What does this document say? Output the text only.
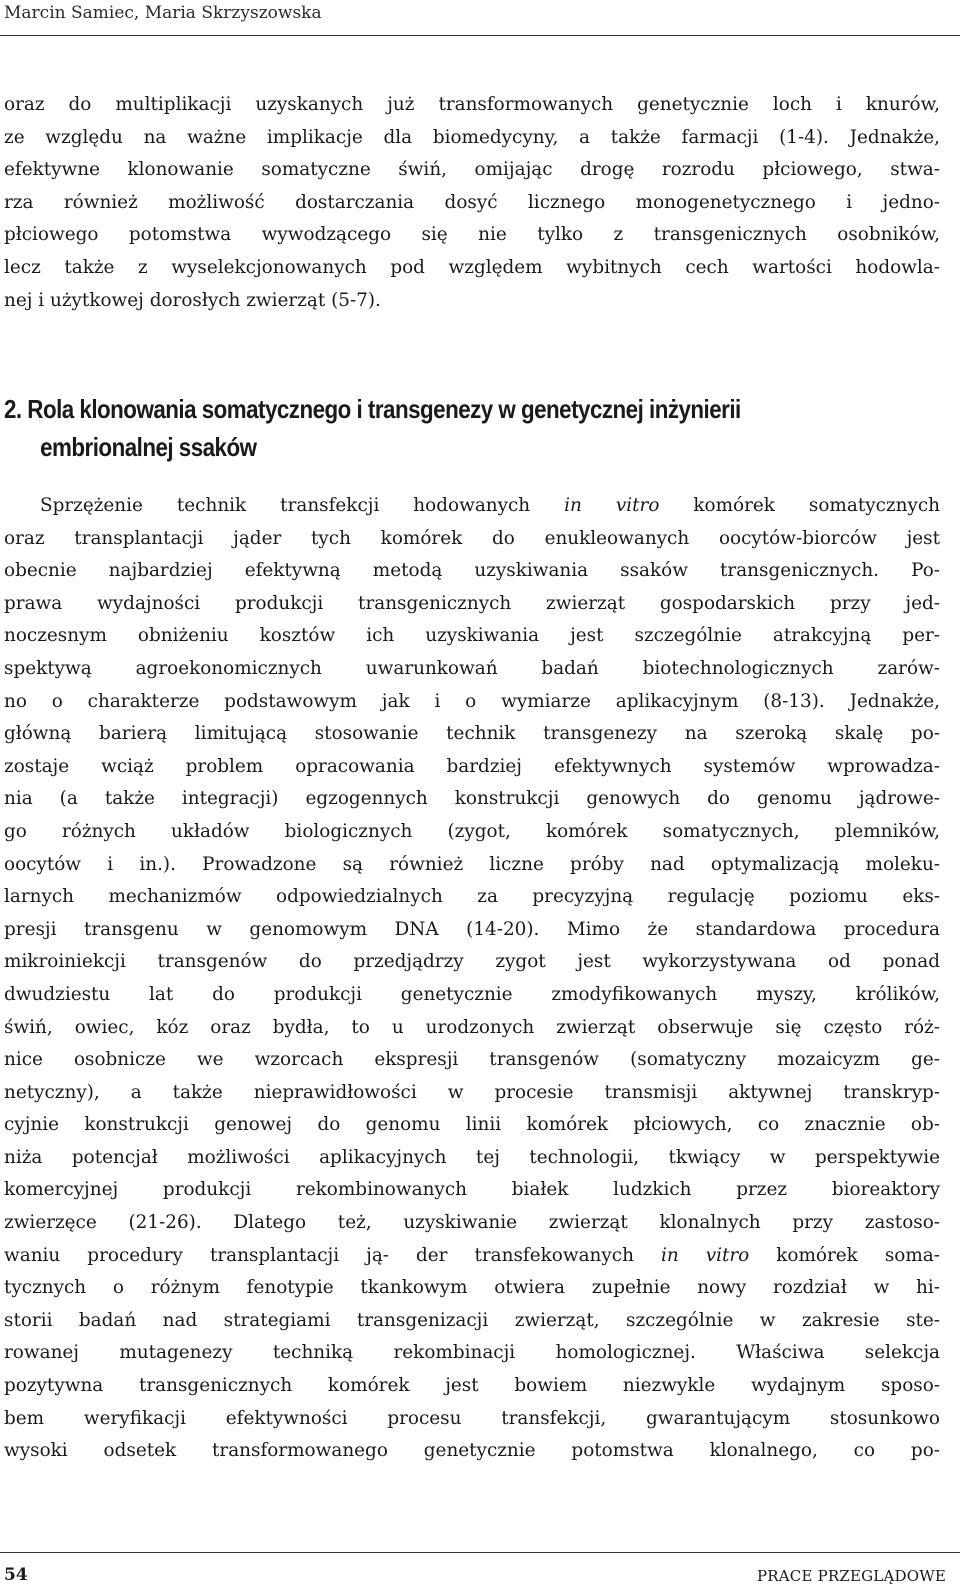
Marcin Samiec, Maria Skrzyszowska
oraz do multiplikacji uzyskanych już transformowanych genetycznie loch i knurów,
ze względu na ważne implikacje dla biomedycyny, a także farmacji (1-4). Jednakże,
efektywne klonowanie somatyczne świń, omijając drogę rozrodu płciowego, stwa-
rza również możliwość dostarczania dosyć licznego monogenetycznego i jedno-
płciowego potomstwa wywodzącego się nie tylko z transgenicznych osobników,
lecz także z wyselekcjonowanych pod względem wybitnych cech wartości hodowla-
nej i użytkowej dorosłych zwierząt (5-7).
2. Rola klonowania somatycznego i transgenezy w genetycznej inżynierii
embrionalnej ssaków
Sprzężenie technik transfekcji hodowanych in vitro komórek somatycznych
oraz transplantacji jąder tych komórek do enukleowanych oocytów-biorców jest
obecnie najbardziej efektywną metodą uzyskiwania ssaków transgenicznych. Po-
prawa wydajności produkcji transgenicznych zwierząt gospodarskich przy jed-
noczesnym obniżeniu kosztów ich uzyskiwania jest szczególnie atrakcyjną per-
spektywą agroekonomicznych uwarunkowań badań biotechnologicznych zarów-
no o charakterze podstawowym jak i o wymiarze aplikacyjnym (8-13). Jednakże,
główną barierą limitującą stosowanie technik transgenezy na szeroką skalę po-
zostaje wciąż problem opracowania bardziej efektywnych systemów wprowadza-
nia (a także integracji) egzogennych konstrukcji genowych do genomu jądrowe-
go różnych układów biologicznych (zygot, komórek somatycznych, plemników,
oocytów i in.). Prowadzone są również liczne próby nad optymalizacją moleku-
larnych mechanizmów odpowiedzialnych za precyzyjną regulację poziomu eks-
presji transgenu w genomowym DNA (14-20). Mimo że standardowa procedura
mikroiniekcji transgenów do przedjądrzy zygot jest wykorzystywana od ponad
dwudziestu lat do produkcji genetycznie zmodyfikowanych myszy, królików,
świń, owiec, kóz oraz bydła, to u urodzonych zwierząt obserwuje się często róż-
nice osobnicze we wzorcach ekspresji transgenów (somatyczny mozaicyzm ge-
netyczny), a także nieprawidłowości w procesie transmisji aktywnej transkryp-
cyjnie konstrukcji genowej do genomu linii komórek płciowych, co znacznie ob-
niża potencjał możliwości aplikacyjnych tej technologii, tkwiący w perspektywie
komercyjnej produkcji rekombinowanych białek ludzkich przez bioreaktory
zwierzęce (21-26). Dlatego też, uzyskiwanie zwierząt klonalnych przy zastoso-
waniu procedury transplantacji ją- der transfekowanych in vitro komórek soma-
tycznych o różnym fenotypie tkankowym otwiera zupełnie nowy rozdział w hi-
storii badań nad strategiami transgenizacji zwierząt, szczególnie w zakresie ste-
rowanej mutagenezy techniką rekombinacji homologicznej. Właściwa selekcja
pozytywna transgenicznych komórek jest bowiem niezwykle wydajnym sposo-
bem weryfikacji efektywności procesu transfekcji, gwarantującym stosunkowo
wysoki odsetek transformowanego genetycznie potomstwa klonalnego, co po-
54	PRACE PRZEGLĄDOWE
